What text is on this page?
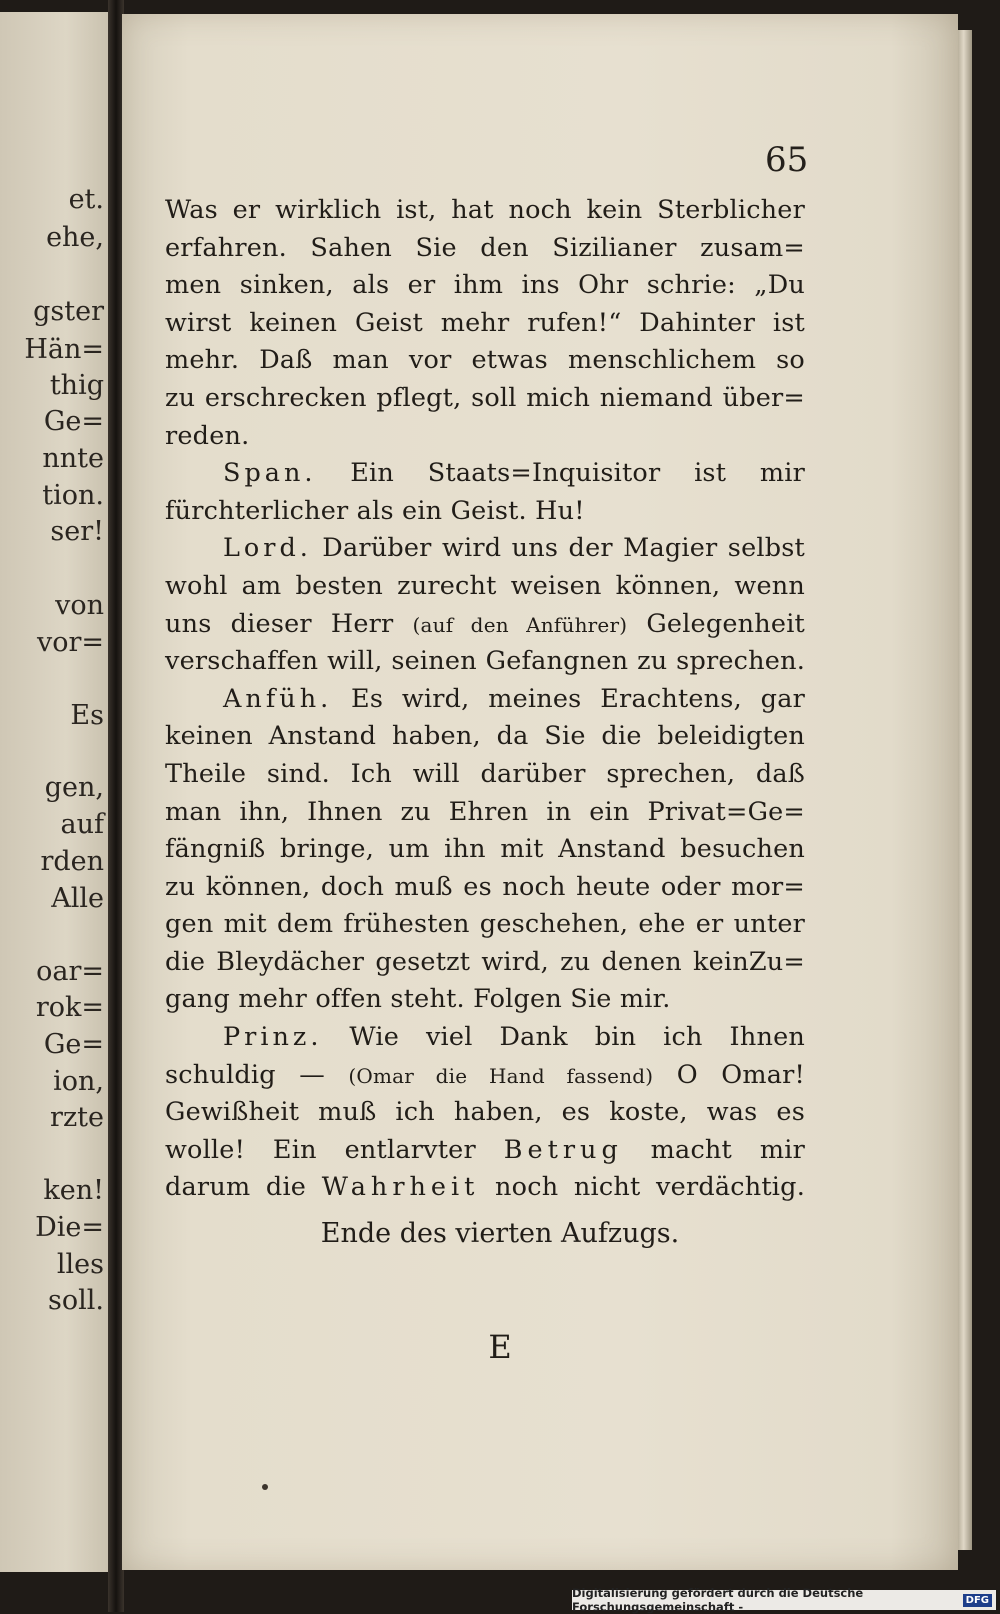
et.
ehe,
gster
Hän=
thig
Ge=
nnte
tion.
ser!
von
vor=
Es
gen,
auf
rden
Alle
oar=
rok=
Ge=
ion,
rzte
ken!
Die=
lles
soll.
65
Was er wirklich ist, hat noch kein Sterblicher
erfahren. Sahen Sie den Sizilianer zusam=
men sinken, als er ihm ins Ohr schrie: „Du
wirst keinen Geist mehr rufen!“ Dahinter ist
mehr. Daß man vor etwas menschlichem so
zu erschrecken pflegt, soll mich niemand über=
reden.
Span. Ein Staats=Inquisitor ist mir
fürchterlicher als ein Geist. Hu!
Lord. Darüber wird uns der Magier selbst
wohl am besten zurecht weisen können, wenn
uns dieser Herr (auf den Anführer) Gelegenheit
verschaffen will, seinen Gefangnen zu sprechen.
Anfüh. Es wird, meines Erachtens, gar
keinen Anstand haben, da Sie die beleidigten
Theile sind. Ich will darüber sprechen, daß
man ihn, Ihnen zu Ehren in ein Privat=Ge=
fängniß bringe, um ihn mit Anstand besuchen
zu können, doch muß es noch heute oder mor=
gen mit dem frühesten geschehen, ehe er unter
die Bleydächer gesetzt wird, zu denen keinZu=
gang mehr offen steht. Folgen Sie mir.
Prinz. Wie viel Dank bin ich Ihnen
schuldig — (Omar die Hand fassend) O Omar!
Gewißheit muß ich haben, es koste, was es
wolle! Ein entlarvter Betrug macht mir
darum die Wahrheit noch nicht verdächtig.
Ende des vierten Aufzugs.
E
Digitalisierung gefördert durch die Deutsche Forschungsgemeinschaft -	DFG
